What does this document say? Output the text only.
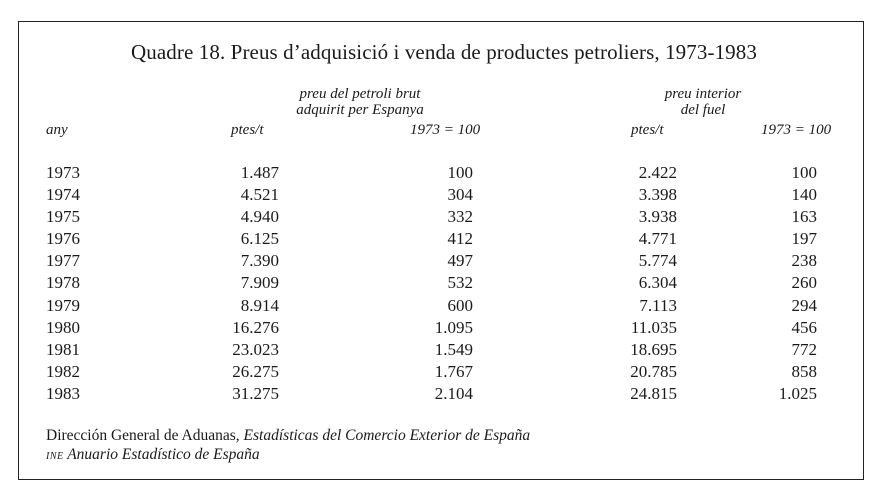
Quadre 18. Preus d’adquisició i venda de productes petroliers, 1973-1983
preu del petroli brut
adquirit per Espanya
preu interior
del fuel
any	ptes/t	1973 = 100	ptes/t	1973 = 100
1973	1.487	100	2.422	100
1974	4.521	304	3.398	140
1975	4.940	332	3.938	163
1976	6.125	412	4.771	197
1977	7.390	497	5.774	238
1978	7.909	532	6.304	260
1979	8.914	600	7.113	294
1980	16.276	1.095	11.035	456
1981	23.023	1.549	18.695	772
1982	26.275	1.767	20.785	858
1983	31.275	2.104	24.815	1.025
Dirección General de Aduanas, Estadísticas del Comercio Exterior de España
ine Anuario Estadístico de España
